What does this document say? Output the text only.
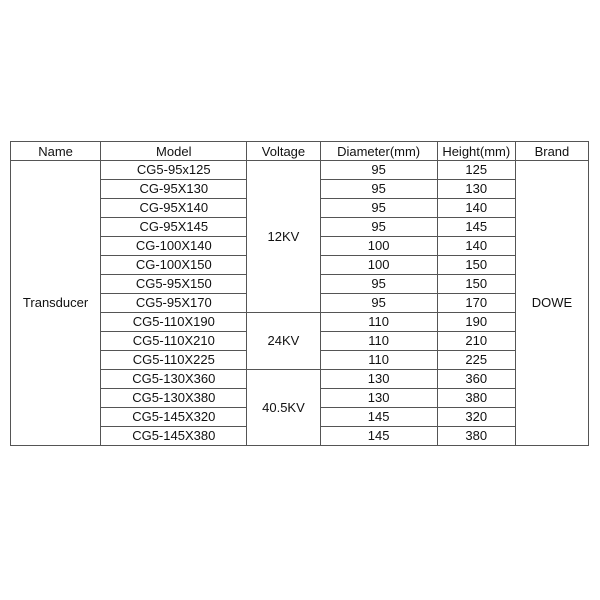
Name	Model	Voltage	Diameter(mm)	Height(mm)	Brand
Transducer	CG5-95x125	12KV	95	125	DOWE
	CG-95X130		95	130	
	CG-95X140		95	140	
	CG-95X145		95	145	
	CG-100X140		100	140	
	CG-100X150		100	150	
	CG5-95X150		95	150	
	CG5-95X170		95	170	
	CG5-110X190	24KV	110	190	
	CG5-110X210		110	210	
	CG5-110X225		110	225	
	CG5-130X360	40.5KV	130	360	
	CG5-130X380		130	380	
	CG5-145X320		145	320	
	CG5-145X380		145	380	
